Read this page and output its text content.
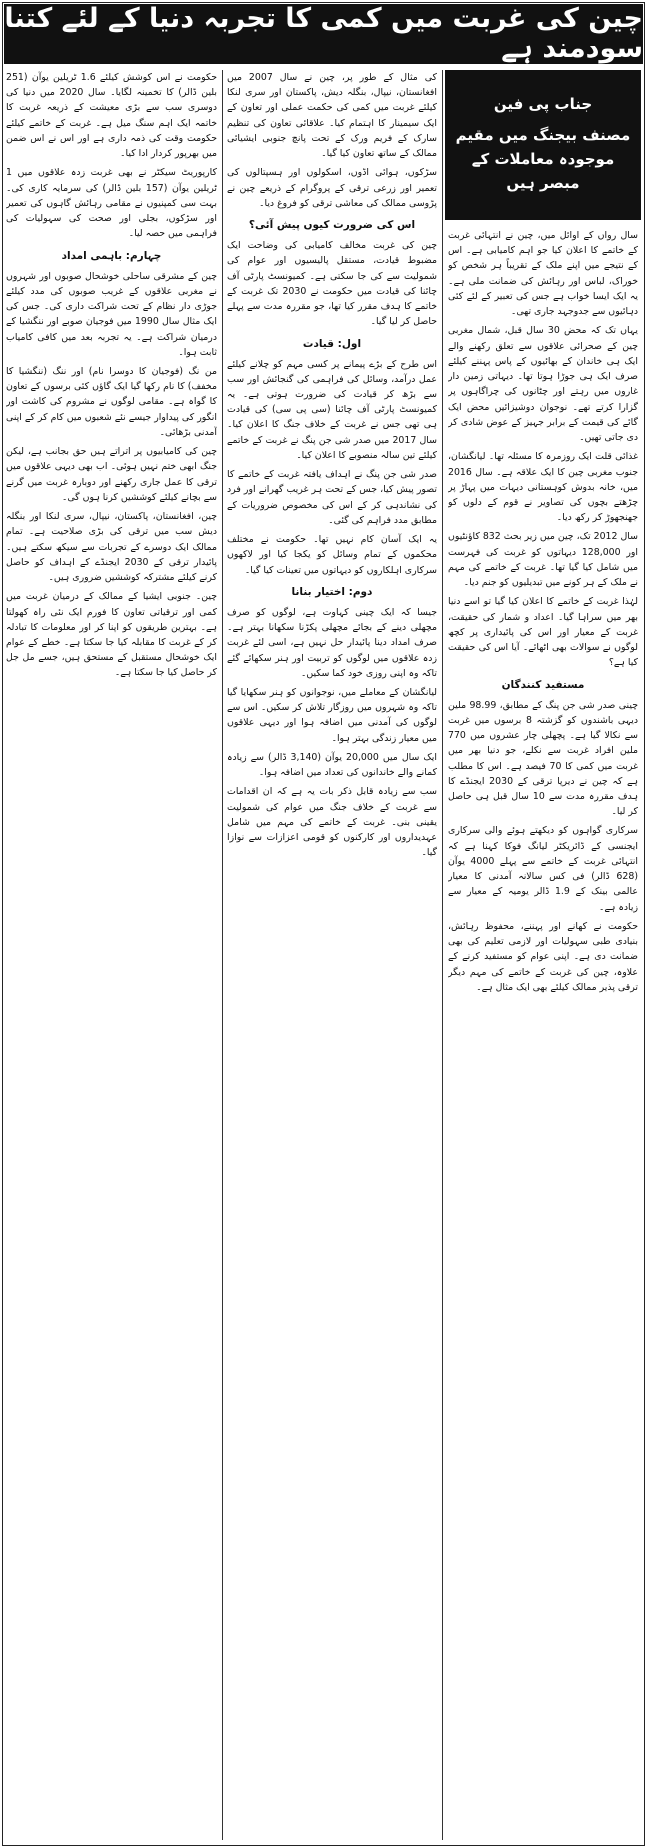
چین کی غربت میں کمی کا تجربہ دنیا کے لئے کتنا سودمند ہے
جناب پی فین
مصنف بیجنگ میں مقیم موجودہ معاملات کے مبصر ہیں

سال رواں کے اوائل میں، چین نے انتہائی غربت کے خاتمے کا اعلان کیا جو اہم کامیابی ہے۔ اس کے نتیجے میں اپنے ملک کے تقریباً ہر شخص کو خوراک، لباس اور رہائش کی ضمانت ملی ہے۔ یہ ایک ایسا خواب ہے جس کی تعبیر کے لئے کئی دہائیوں سے جدوجہد جاری تھی۔

یہاں تک کہ محض 30 سال قبل، شمال مغربی چین کے صحرائی علاقوں سے تعلق رکھنے والے ایک ہی خاندان کے بھائیوں کے پاس پہننے کیلئے صرف ایک ہی جوڑا ہوتا تھا۔ دیہاتی زمین دار غاروں میں رہتے اور چٹانوں کی چراگاہوں پر گزارا کرتے تھے۔ نوجوان دوشیزائیں محض ایک گائے کی قیمت کے برابر جہیز کے عوض شادی کر دی جاتی تھیں۔

غذائی قلت ایک روزمرہ کا مسئلہ تھا۔ لیانگشان، جنوب مغربی چین کا ایک علاقہ ہے۔ سال 2016 میں، خانہ بدوش کوہستانی دیہات میں پہاڑ پر چڑھتے بچوں کی تصاویر نے قوم کے دلوں کو جھنجھوڑ کر رکھ دیا۔

سال 2012 تک، چین میں زیر بحث 832 کاؤنٹیوں اور 128,000 دیہاتوں کو غربت کی فہرست میں شامل کیا گیا تھا۔ غربت کے خاتمے کی مہم نے ملک کے ہر کونے میں تبدیلیوں کو جنم دیا۔

لہٰذا غربت کے خاتمے کا اعلان کیا گیا تو اسے دنیا بھر میں سراہا گیا۔ اعداد و شمار کی حقیقت، غربت کے معیار اور اس کی پائیداری پر کچھ لوگوں نے سوالات بھی اٹھائے۔ آیا اس کی حقیقت کیا ہے؟

مستفید کنندگان

چینی صدر شی جن پنگ کے مطابق، 98.99 ملین دیہی باشندوں کو گزشتہ 8 برسوں میں غربت سے نکالا گیا ہے۔ پچھلی چار عشروں میں 770 ملین افراد غربت سے نکلے، جو دنیا بھر میں غربت میں کمی کا 70 فیصد ہے۔ اس کا مطلب ہے کہ چین نے دیرپا ترقی کے 2030 ایجنڈے کا ہدف مقررہ مدت سے 10 سال قبل ہی حاصل کر لیا۔

سرکاری گواہوں کو دیکھتے ہوئے والی سرکاری ایجنسی کے ڈائریکٹر لیانگ فوکا کہنا ہے کہ انتہائی غربت کے خاتمے سے پہلے 4000 یوآن (628 ڈالر) فی کس سالانہ آمدنی کا معیار عالمی بینک کے 1.9 ڈالر یومیہ کے معیار سے زیادہ ہے۔

حکومت نے کھانے اور پہننے، محفوظ رہائش، بنیادی طبی سہولیات اور لازمی تعلیم کی بھی ضمانت دی ہے۔ اپنی عوام کو مستفید کرنے کے علاوہ، چین کی غربت کے خاتمے کی مہم دیگر ترقی پذیر ممالک کیلئے بھی ایک مثال ہے۔

کی مثال کے طور پر، چین نے سال 2007 میں افغانستان، نیپال، بنگلہ دیش، پاکستان اور سری لنکا کیلئے غربت میں کمی کی حکمت عملی اور تعاون کے ایک سیمینار کا اہتمام کیا۔ علاقائی تعاون کی تنظیم سارک کے فریم ورک کے تحت پانچ جنوبی ایشیائی ممالک کے ساتھ تعاون کیا گیا۔

سڑکوں، ہوائی اڈوں، اسکولوں اور ہسپتالوں کی تعمیر اور زرعی ترقی کے پروگرام کے ذریعے چین نے پڑوسی ممالک کی معاشی ترقی کو فروغ دیا۔

اس کی ضرورت کیوں پیش آئی؟

چین کی غربت مخالف کامیابی کی وضاحت ایک مضبوط قیادت، مستقل پالیسیوں اور عوام کی شمولیت سے کی جا سکتی ہے۔ کمیونسٹ پارٹی آف چائنا کی قیادت میں حکومت نے 2030 تک غربت کے خاتمے کا ہدف مقرر کیا تھا، جو مقررہ مدت سے پہلے حاصل کر لیا گیا۔

اول: قیادت

اس طرح کے بڑے پیمانے پر کسی مہم کو چلانے کیلئے عمل درآمد، وسائل کی فراہمی کی گنجائش اور سب سے بڑھ کر قیادت کی ضرورت ہوتی ہے۔ یہ کمیونسٹ پارٹی آف چائنا (سی پی سی) کی قیادت ہی تھی جس نے غربت کے خلاف جنگ کا اعلان کیا۔ سال 2017 میں صدر شی جن پنگ نے غربت کے خاتمے کیلئے تین سالہ منصوبے کا اعلان کیا۔

صدر شی جن پنگ نے اہداف یافتہ غربت کے خاتمے کا تصور پیش کیا، جس کے تحت ہر غریب گھرانے اور فرد کی نشاندہی کر کے اس کی مخصوص ضروریات کے مطابق مدد فراہم کی گئی۔

یہ ایک آسان کام نہیں تھا۔ حکومت نے مختلف محکموں کے تمام وسائل کو یکجا کیا اور لاکھوں سرکاری اہلکاروں کو دیہاتوں میں تعینات کیا گیا۔

دوم: اختیار بنانا

جیسا کہ ایک چینی کہاوت ہے، لوگوں کو صرف مچھلی دینے کے بجائے مچھلی پکڑنا سکھانا بہتر ہے۔ صرف امداد دینا پائیدار حل نہیں ہے، اسی لئے غربت زدہ علاقوں میں لوگوں کو تربیت اور ہنر سکھائے گئے تاکہ وہ اپنی روزی خود کما سکیں۔

لیانگشان کے معاملے میں، نوجوانوں کو ہنر سکھایا گیا تاکہ وہ شہروں میں روزگار تلاش کر سکیں۔ اس سے لوگوں کی آمدنی میں اضافہ ہوا اور دیہی علاقوں میں معیار زندگی بہتر ہوا۔

ایک سال میں 20,000 یوآن (3,140 ڈالر) سے زیادہ کمانے والے خاندانوں کی تعداد میں اضافہ ہوا۔

سب سے زیادہ قابل ذکر بات یہ ہے کہ ان اقدامات سے غربت کے خلاف جنگ میں عوام کی شمولیت یقینی بنی۔ غربت کے خاتمے کی مہم میں شامل عہدیداروں اور کارکنوں کو قومی اعزازات سے نوازا گیا۔

حکومت نے اس کوشش کیلئے 1.6 ٹریلین یوآن (251 بلین ڈالر) کا تخمینہ لگایا۔ سال 2020 میں دنیا کی دوسری سب سے بڑی معیشت کے ذریعہ غربت کا خاتمہ ایک اہم سنگ میل ہے۔ غربت کے خاتمے کیلئے حکومت وقت کی ذمہ داری ہے اور اس نے اس ضمن میں بھرپور کردار ادا کیا۔

کارپوریٹ سیکٹر نے بھی غربت زدہ علاقوں میں 1 ٹریلین یوآن (157 بلین ڈالر) کی سرمایہ کاری کی۔ بہت سی کمپنیوں نے مقامی رہائش گاہوں کی تعمیر اور سڑکوں، بجلی اور صحت کی سہولیات کی فراہمی میں حصہ لیا۔

چہارم: باہمی امداد

چین کے مشرقی ساحلی خوشحال صوبوں اور شہروں نے مغربی علاقوں کے غریب صوبوں کی مدد کیلئے جوڑی دار نظام کے تحت شراکت داری کی۔ جس کی ایک مثال سال 1990 میں فوجیان صوبے اور ننگشیا کے درمیان شراکت ہے۔ یہ تجربہ بعد میں کافی کامیاب ثابت ہوا۔

من نگ (فوجیان کا دوسرا نام) اور ننگ (ننگشیا کا مخفف) کا نام رکھا گیا ایک گاؤں کئی برسوں کے تعاون کا گواہ ہے۔ مقامی لوگوں نے مشروم کی کاشت اور انگور کی پیداوار جیسے نئے شعبوں میں کام کر کے اپنی آمدنی بڑھائی۔

چین کی کامیابیوں پر اتراتے ہیں حق بجانب ہے، لیکن جنگ ابھی ختم نہیں ہوئی۔ اب بھی دیہی علاقوں میں ترقی کا عمل جاری رکھنے اور دوبارہ غربت میں گرنے سے بچانے کیلئے کوششیں کرنا ہوں گی۔

چین، افغانستان، پاکستان، نیپال، سری لنکا اور بنگلہ دیش سب میں ترقی کی بڑی صلاحیت ہے۔ تمام ممالک ایک دوسرے کے تجربات سے سیکھ سکتے ہیں۔ پائیدار ترقی کے 2030 ایجنڈے کے اہداف کو حاصل کرنے کیلئے مشترکہ کوششیں ضروری ہیں۔

چین۔ جنوبی ایشیا کے ممالک کے درمیان غربت میں کمی اور ترقیاتی تعاون کا فورم ایک نئی راہ کھولتا ہے۔ بہترین طریقوں کو اپنا کر اور معلومات کا تبادلہ کر کے غربت کا مقابلہ کیا جا سکتا ہے۔ خطے کے عوام ایک خوشحال مستقبل کے مستحق ہیں، جسے مل جل کر حاصل کیا جا سکتا ہے۔
